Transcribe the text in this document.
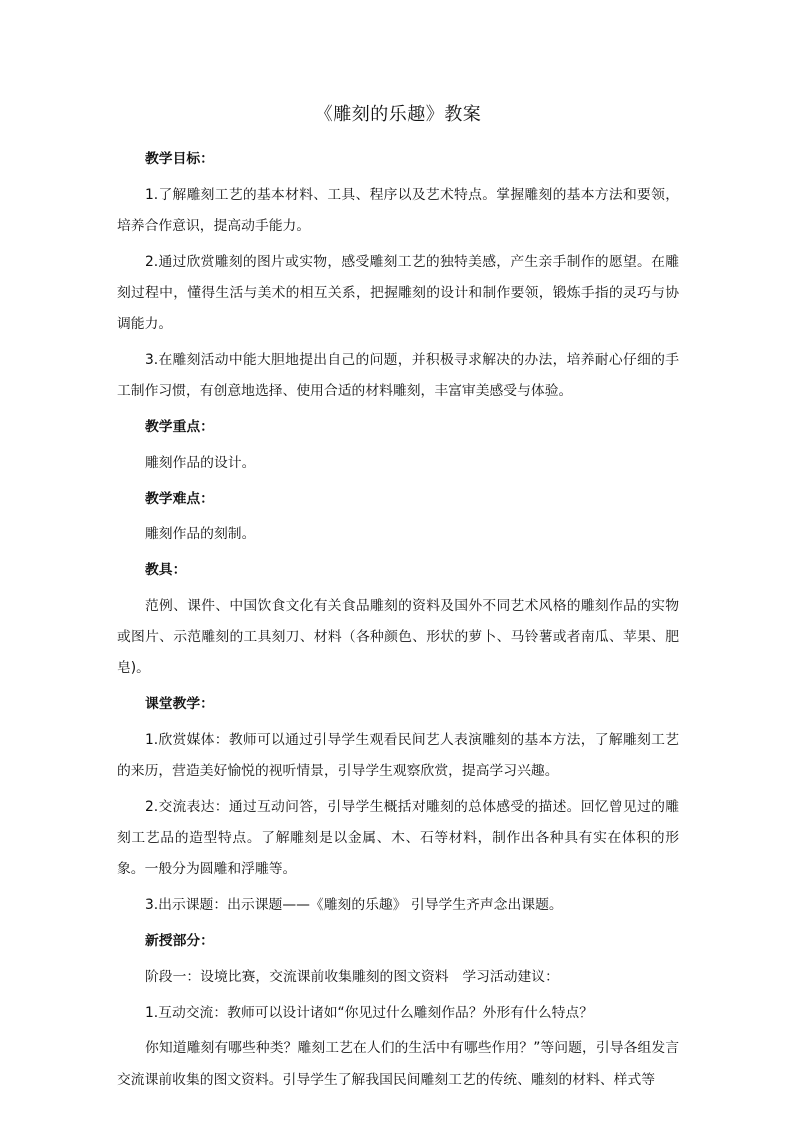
《雕刻的乐趣》教案

教学目标：

1.了解雕刻工艺的基本材料、工具、程序以及艺术特点。掌握雕刻的基本方法和要领，培养合作意识，提高动手能力。

2.通过欣赏雕刻的图片或实物，感受雕刻工艺的独特美感，产生亲手制作的愿望。在雕刻过程中，懂得生活与美术的相互关系，把握雕刻的设计和制作要领，锻炼手指的灵巧与协调能力。

3.在雕刻活动中能大胆地提出自己的问题，并积极寻求解决的办法，培养耐心仔细的手工制作习惯，有创意地选择、使用合适的材料雕刻，丰富审美感受与体验。

教学重点：

雕刻作品的设计。

教学难点：

雕刻作品的刻制。

教具：

范例、课件、中国饮食文化有关食品雕刻的资料及国外不同艺术风格的雕刻作品的实物或图片、示范雕刻的工具刻刀、材料（各种颜色、形状的萝卜、马铃薯或者南瓜、苹果、肥皂)。

课堂教学：

1.欣赏媒体：教师可以通过引导学生观看民间艺人表演雕刻的基本方法，了解雕刻工艺的来历，营造美好愉悦的视听情景，引导学生观察欣赏，提高学习兴趣。

2.交流表达：通过互动问答，引导学生概括对雕刻的总体感受的描述。回忆曾见过的雕刻工艺品的造型特点。了解雕刻是以金属、木、石等材料，制作出各种具有实在体积的形象。一般分为圆雕和浮雕等。

3.出示课题：出示课题——《雕刻的乐趣》 引导学生齐声念出课题。

新授部分：

阶段一：设境比赛，交流课前收集雕刻的图文资料　学习活动建议：

1.互动交流：教师可以设计诸如“你见过什么雕刻作品？外形有什么特点？

你知道雕刻有哪些种类？雕刻工艺在人们的生活中有哪些作用？”等问题，引导各组发言交流课前收集的图文资料。引导学生了解我国民间雕刻工艺的传统、雕刻的材料、样式等
